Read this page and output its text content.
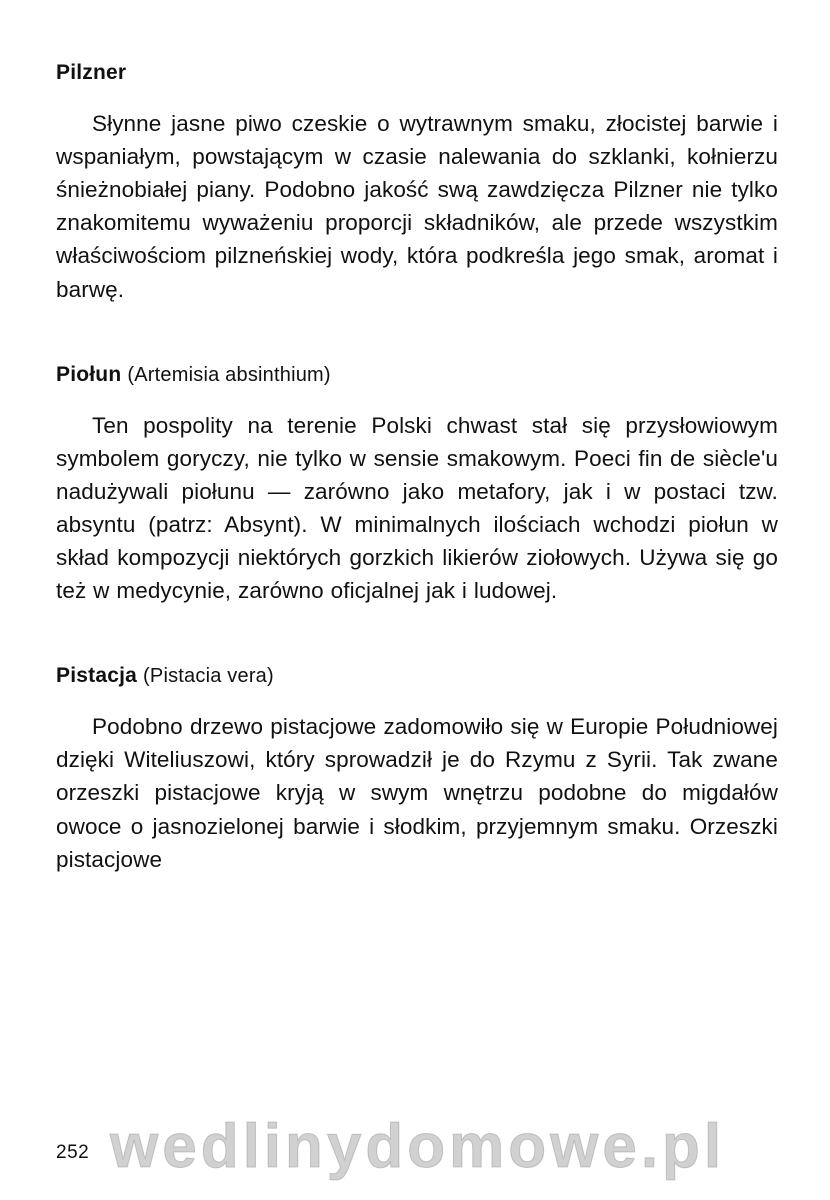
Pilzner

Słynne jasne piwo czeskie o wytrawnym smaku, złocistej barwie i wspaniałym, powstającym w czasie nalewania do szklanki, kołnierzu śnieżnobiałej piany. Podobno jakość swą zawdzięcza Pilzner nie tylko znakomitemu wyważeniu proporcji składników, ale przede wszystkim właściwościom pilzneńskiej wody, która podkreśla jego smak, aromat i barwę.

Piołun (Artemisia absinthium)

Ten pospolity na terenie Polski chwast stał się przysłowiowym symbolem goryczy, nie tylko w sensie smakowym. Poeci fin de siècle'u nadużywali piołunu — zarówno jako metafory, jak i w postaci tzw. absyntu (patrz: Absynt). W minimalnych ilościach wchodzi piołun w skład kompozycji niektórych gorzkich likierów ziołowych. Używa się go też w medycynie, zarówno oficjalnej jak i ludowej.

Pistacja (Pistacia vera)

Podobno drzewo pistacjowe zadomowiło się w Europie Południowej dzięki Witeliuszowi, który sprowadził je do Rzymu z Syrii. Tak zwane orzeszki pistacjowe kryją w swym wnętrzu podobne do migdałów owoce o jasnozielonej barwie i słodkim, przyjemnym smaku. Orzeszki pistacjowe

252 wedlinydomowe.pl
